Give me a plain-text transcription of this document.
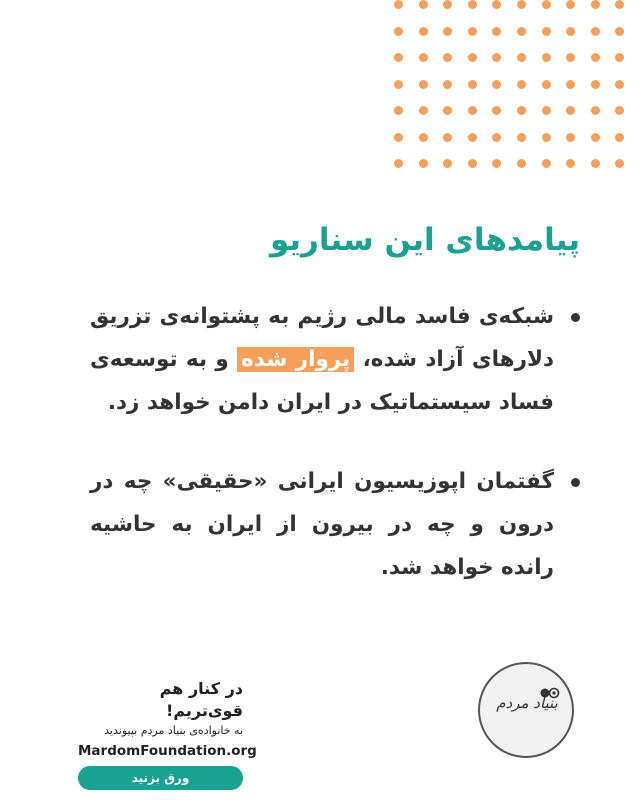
پیامدهای این سناریو
شبکه‌ی فاسد مالی رژیم به پشتوانه‌ی تزریق دلارهای آزاد شده، پروار شده و به توسعه‌ی فساد سیستماتیک در ایران دامن خواهد زد.
گفتمان اپوزیسیون ایرانی «حقیقی» چه در درون و چه در بیرون از ایران به حاشیه رانده خواهد شد.
در کنار هم قوی‌تریم!
به خانواده‌ی بنیاد مردم بپیوندید
MardomFoundation.org
ورق بزنید
بنیاد مردم
